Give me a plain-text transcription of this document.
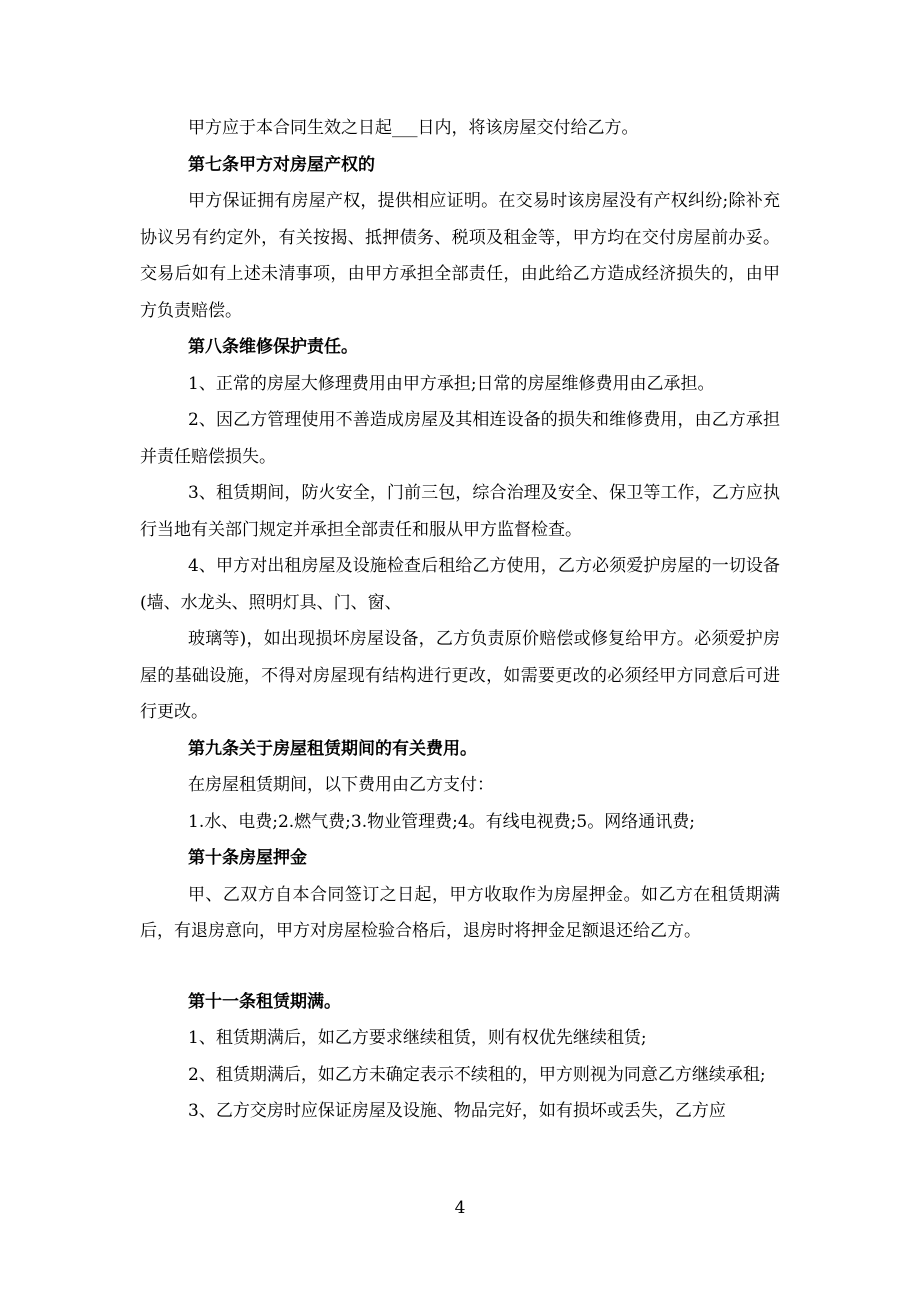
甲方应于本合同生效之日起___日内，将该房屋交付给乙方。

第七条甲方对房屋产权的

甲方保证拥有房屋产权，提供相应证明。在交易时该房屋没有产权纠纷;除补充协议另有约定外，有关按揭、抵押债务、税项及租金等，甲方均在交付房屋前办妥。交易后如有上述未清事项，由甲方承担全部责任，由此给乙方造成经济损失的，由甲方负责赔偿。

第八条维修保护责任。

1、正常的房屋大修理费用由甲方承担;日常的房屋维修费用由乙承担。

2、因乙方管理使用不善造成房屋及其相连设备的损失和维修费用，由乙方承担并责任赔偿损失。

3、租赁期间，防火安全，门前三包，综合治理及安全、保卫等工作，乙方应执行当地有关部门规定并承担全部责任和服从甲方监督检查。

4、甲方对出租房屋及设施检查后租给乙方使用，乙方必须爱护房屋的一切设备(墙、水龙头、照明灯具、门、窗、

玻璃等)，如出现损坏房屋设备，乙方负责原价赔偿或修复给甲方。必须爱护房屋的基础设施，不得对房屋现有结构进行更改，如需要更改的必须经甲方同意后可进行更改。

第九条关于房屋租赁期间的有关费用。

在房屋租赁期间，以下费用由乙方支付：

1.水、电费;2.燃气费;3.物业管理费;4。有线电视费;5。网络通讯费;

第十条房屋押金

甲、乙双方自本合同签订之日起，甲方收取作为房屋押金。如乙方在租赁期满后，有退房意向，甲方对房屋检验合格后，退房时将押金足额退还给乙方。

第十一条租赁期满。

1、租赁期满后，如乙方要求继续租赁，则有权优先继续租赁;

2、租赁期满后，如乙方未确定表示不续租的，甲方则视为同意乙方继续承租;

3、乙方交房时应保证房屋及设施、物品完好，如有损坏或丢失，乙方应

4
